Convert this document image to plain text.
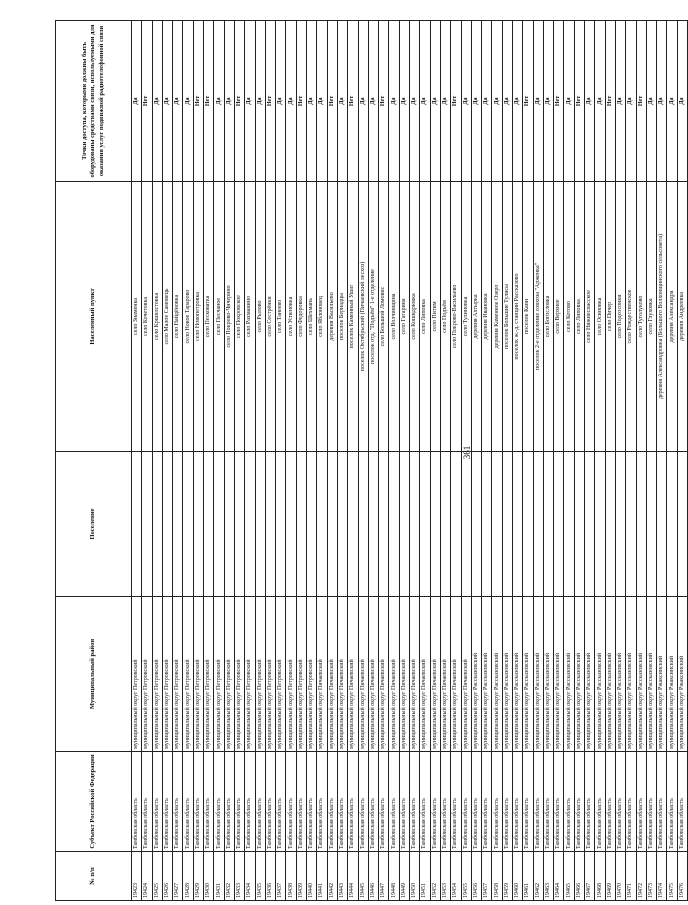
361
№ п/п	Субъект Российской Федерации	Муниципальный район	Поселение	Населенный пункт	Точки доступа, которыми должны быть оборудованы средствами связи, используемыми для оказания услуг подвижной радиотелефонной связи
19423	Тамбовская область	муниципальный округ Петровский		село Знаменка	Да
19424	Тамбовская область	муниципальный округ Петровский		село Кочетовка	Нет
19425	Тамбовская область	муниципальный округ Петровский		село Кршилстовка	Да
19426	Тамбовская область	муниципальный округ Петровский		село Малое Самовець	Да
19427	Тамбовская область	муниципальный округ Петровский		село Найдёновка	Да
19428	Тамбовская область	муниципальный округ Петровский		село Новое Тарарово	Да
19429	Тамбовская область	муниципальный округ Петровский		село Новопетровка	Нет
19430	Тамбовская область	муниципальный округ Петровский		село Песковатка	Нет
19431	Тамбовская область	муниципальный округ Петровский		село Песчаное	Да
19432	Тамбовская область	муниципальный округ Петровский		село Покрово-Чичерино	Да
19433	Тамбовская область	муниципальный округ Петровский		село Покровское	Нет
19434	Тамбовская область	муниципальный округ Петровский		село Рахманино	Да
19435	Тамбовская область	муниципальный округ Петровский		село Рылово	Да
19436	Тамбовская область	муниципальный округ Петровский		село Сестрёнки	Нет
19437	Тамбовская область	муниципальный округ Петровский		село Танеево	Да
19438	Тамбовская область	муниципальный округ Петровский		село Успеновка	Да
19439	Тамбовская область	муниципальный округ Петровский		село Федоровка	Нет
19440	Тамбовская область	муниципальный округ Петровский		село Шехмань	Да
19441	Тамбовская область	муниципальный округ Пичаевский		село Яблоновец	Да
19442	Тамбовская область	муниципальный округ Пичаевский		деревня Васильево	Нет
19443	Тамбовская область	муниципальный округ Пичаевский		поселок Бернадцы	Да
19444	Тамбовская область	муниципальный округ Пичаевский		поселок Каменный Ушат	Нет
19445	Тамбовская область	муниципальный округ Пичаевский		поселок Октябрьский (Пичаевский лесхоз)	Да
19446	Тамбовская область	муниципальный округ Пичаевский		поселок отд. "Подъём" 1-е отделение	Да
19447	Тамбовская область	муниципальный округ Пичаевский		село Большой Ломовис	Нет
19448	Тамбовская область	муниципальный округ Пичаевский		село Волчинщина	Да
19449	Тамбовская область	муниципальный округ Пичаевский		село Гагарина	Да
19450	Тамбовская область	муниципальный округ Пичаевский		село Кошидрювка	Да
19451	Тамбовская область	муниципальный округ Пичаевский		село Липовка	Да
19452	Тамбовская область	муниципальный округ Пичаевский		село Питим	Да
19453	Тамбовская область	муниципальный округ Пичаевский		село Подъём	Да
19454	Тамбовская область	муниципальный округ Пичаевский		село Покрово-Васильево	Нет
19455	Тамбовская область	муниципальный округ Пичаевский		село Тулиновка	Да
19456	Тамбовская область	муниципальный округ Рассказовский		деревня Ахтырка	Да
19457	Тамбовская область	муниципальный округ Рассказовский		деревня Ивановка	Да
19458	Тамбовская область	муниципальный округ Рассказовский		деревня Каменное Озеро	Да
19459	Тамбовская область	муниципальный округ Рассказовский		поселок Большие Тулисы	Да
19460	Тамбовская область	муниципальный округ Рассказовский		поселок ж.-д. станции Рассказово	Да
19461	Тамбовская область	муниципальный округ Рассказовский		поселок Кани	Нет
19462	Тамбовская область	муниципальный округ Рассказовский		поселок 2-е отделение совхоза "Арженка"	Да
19463	Тамбовская область	муниципальный округ Рассказовский		село Богословка	Да
19464	Тамбовская область	муниципальный округ Рассказовский		село Верхнее	Нет
19465	Тамбовская область	муниципальный округ Рассказовский		село Котово	Да
19466	Тамбовская область	муниципальный округ Рассказовский		село Липовка	Нет
19467	Тамбовская область	муниципальный округ Рассказовский		село Нижнеспасское	Да
19468	Тамбовская область	муниципальный округ Рассказовский		село Осиновка	Да
19469	Тамбовская область	муниципальный округ Рассказовский		село Пичер	Нет
19470	Тамбовская область	муниципальный округ Рассказовский		село Подсосонки	Да
19471	Тамбовская область	муниципальный округ Рассказовский		село Рождественское	Да
19472	Тамбовская область	муниципальный округ Рассказовский		село Туголуково	Нет
19473	Тамбовская область	муниципальный округ Рассказовский		село Глуховка	Да
19474	Тамбовская область	муниципальный округ Ржаксинский		деревня Александровка (Большого Волхонщинского сельсовета)	Да
19475	Тамбовская область	муниципальный округ Ржаксинский		деревня Александра	Да
19476	Тамбовская область	муниципальный округ Ржаксинский		деревня Андреевка	Да
